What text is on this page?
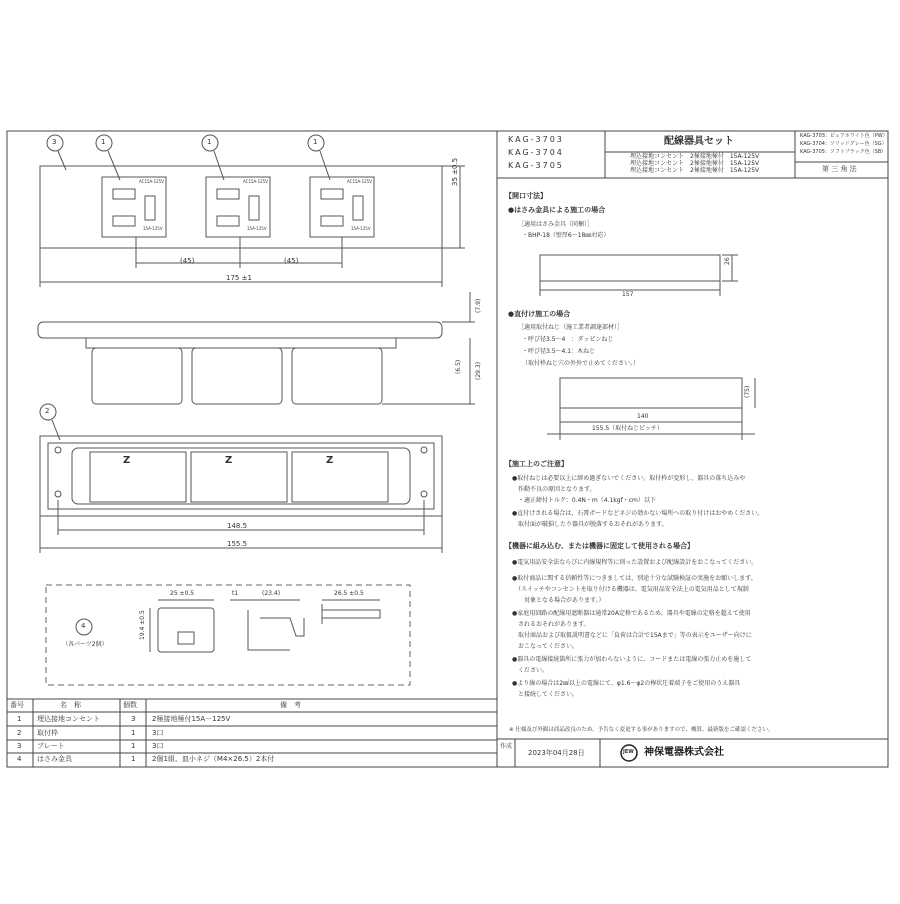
KAG-3703
KAG-3704
KAG-3705
配線器具セット
埋込接地コンセント　2極接地極付　15A-125V
埋込接地コンセント　2極接地極付　15A-125V
埋込接地コンセント　2極接地極付　15A-125V
KAG-3703：ピュアホワイト色（PW）
KAG-3704：ソリッドグレー色（SG）
KAG-3705：ソフトブラック色（SB）
第 三 角 法
3	1	1	1
AC15A-125V
15A-125V
AC15A-125V
15A-125V
AC15A-125V
15A-125V
(45)	(45)
175 ±1
35 ±0.5
(7.9)
(6.5) (29.3)
2
Z	Z	Z
148.5
155.5
4
（各パーツ2個）
25 ±0.5
19.4 ±0.5
t1	(23.4)	26.5 ±0.5
番号	名　称	個数	備　考
1 埋込接地コンセント	3 2極接地極付15A－125V
2 取付枠	1 3口
3 プレート	1 3口
4 はさみ金具	1 2個1組、皿小ネジ（M4×26.5）2本付
【開口寸法】
●はさみ金具による施工の場合
［適用はさみ金具（同梱）］
・BHP-18（壁厚6～18㎜対応）
26
157
●直付け施工の場合
［適用取付ねじ（施工業者調達部材）］
・呼び径3.5～4　：ダッピンねじ
・呼び径3.5～4.1：木ねじ
（取付枠ねじ穴の外外で止めてください。）
(75)
140
155.5（取付ねじピッチ）
【施工上のご注意】
●取付ねじは必要以上に締め過ぎないでください。取付枠が変形し、器具の落ち込みや
　作動不良の原因となります。
　・適正締付トルク：0.4N・m（4.1kgf・cm）以下
●直付けされる場合は、石膏ボードなどネジの効かない場所への取り付けはおやめください。
　取付面が破損したり器具が脱落するおそれがあります。
【機器に組み込む、または機器に固定して使用される場合】
●電気用品安全法ならびに内線規程等に則った設置および配線設計をおこなってください。
●取付商品に関する信頼性等につきましては、別途十分な試験検証の実施をお願いします。
　（スイッチやコンセントを取り付ける機器は、電気用品安全法上の電気用品として規制
　　対象となる場合があります。）
●家庭用回路の配線用遮断器は通常20A定格であるため、器具や電線の定格を超えて使用
　されるおそれがあります。
　取付商品および取扱説明書などに「負荷は合計で15Aまで」等の表示をユーザー向けに
　おこなってください。
●器具の電線接続箇所に張力が加わらないように、コードまたは電線の張力止めを施して
　ください。
●より線の場合は2㎟以上の電線にて、φ1.6～φ2の棒状圧着端子をご使用のうえ器具
　と接続してください。
※ 仕様及び外観は商品改良のため、予告なく変更する事がありますので、概算、最新版をご確認ください。
作成
2023年04月28日	JEW 神保電器株式会社
